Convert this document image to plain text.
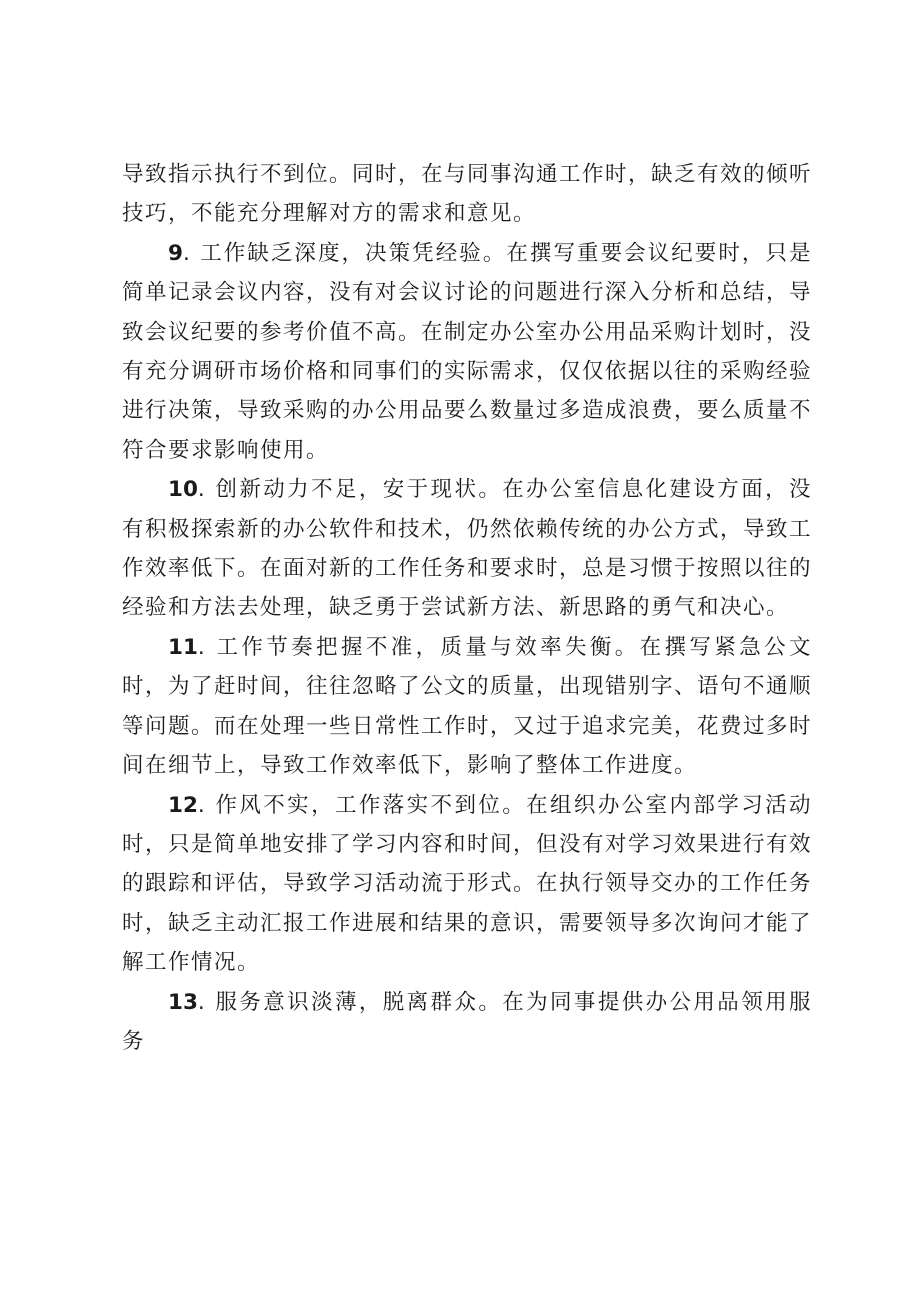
导致指示执行不到位。同时，在与同事沟通工作时，缺乏有效的倾听技巧，不能充分理解对方的需求和意见。

9. 工作缺乏深度，决策凭经验。在撰写重要会议纪要时，只是简单记录会议内容，没有对会议讨论的问题进行深入分析和总结，导致会议纪要的参考价值不高。在制定办公室办公用品采购计划时，没有充分调研市场价格和同事们的实际需求，仅仅依据以往的采购经验进行决策，导致采购的办公用品要么数量过多造成浪费，要么质量不符合要求影响使用。

10. 创新动力不足，安于现状。在办公室信息化建设方面，没有积极探索新的办公软件和技术，仍然依赖传统的办公方式，导致工作效率低下。在面对新的工作任务和要求时，总是习惯于按照以往的经验和方法去处理，缺乏勇于尝试新方法、新思路的勇气和决心。

11. 工作节奏把握不准，质量与效率失衡。在撰写紧急公文时，为了赶时间，往往忽略了公文的质量，出现错别字、语句不通顺等问题。而在处理一些日常性工作时，又过于追求完美，花费过多时间在细节上，导致工作效率低下，影响了整体工作进度。

12. 作风不实，工作落实不到位。在组织办公室内部学习活动时，只是简单地安排了学习内容和时间，但没有对学习效果进行有效的跟踪和评估，导致学习活动流于形式。在执行领导交办的工作任务时，缺乏主动汇报工作进展和结果的意识，需要领导多次询问才能了解工作情况。

13. 服务意识淡薄，脱离群众。在为同事提供办公用品领用服务
